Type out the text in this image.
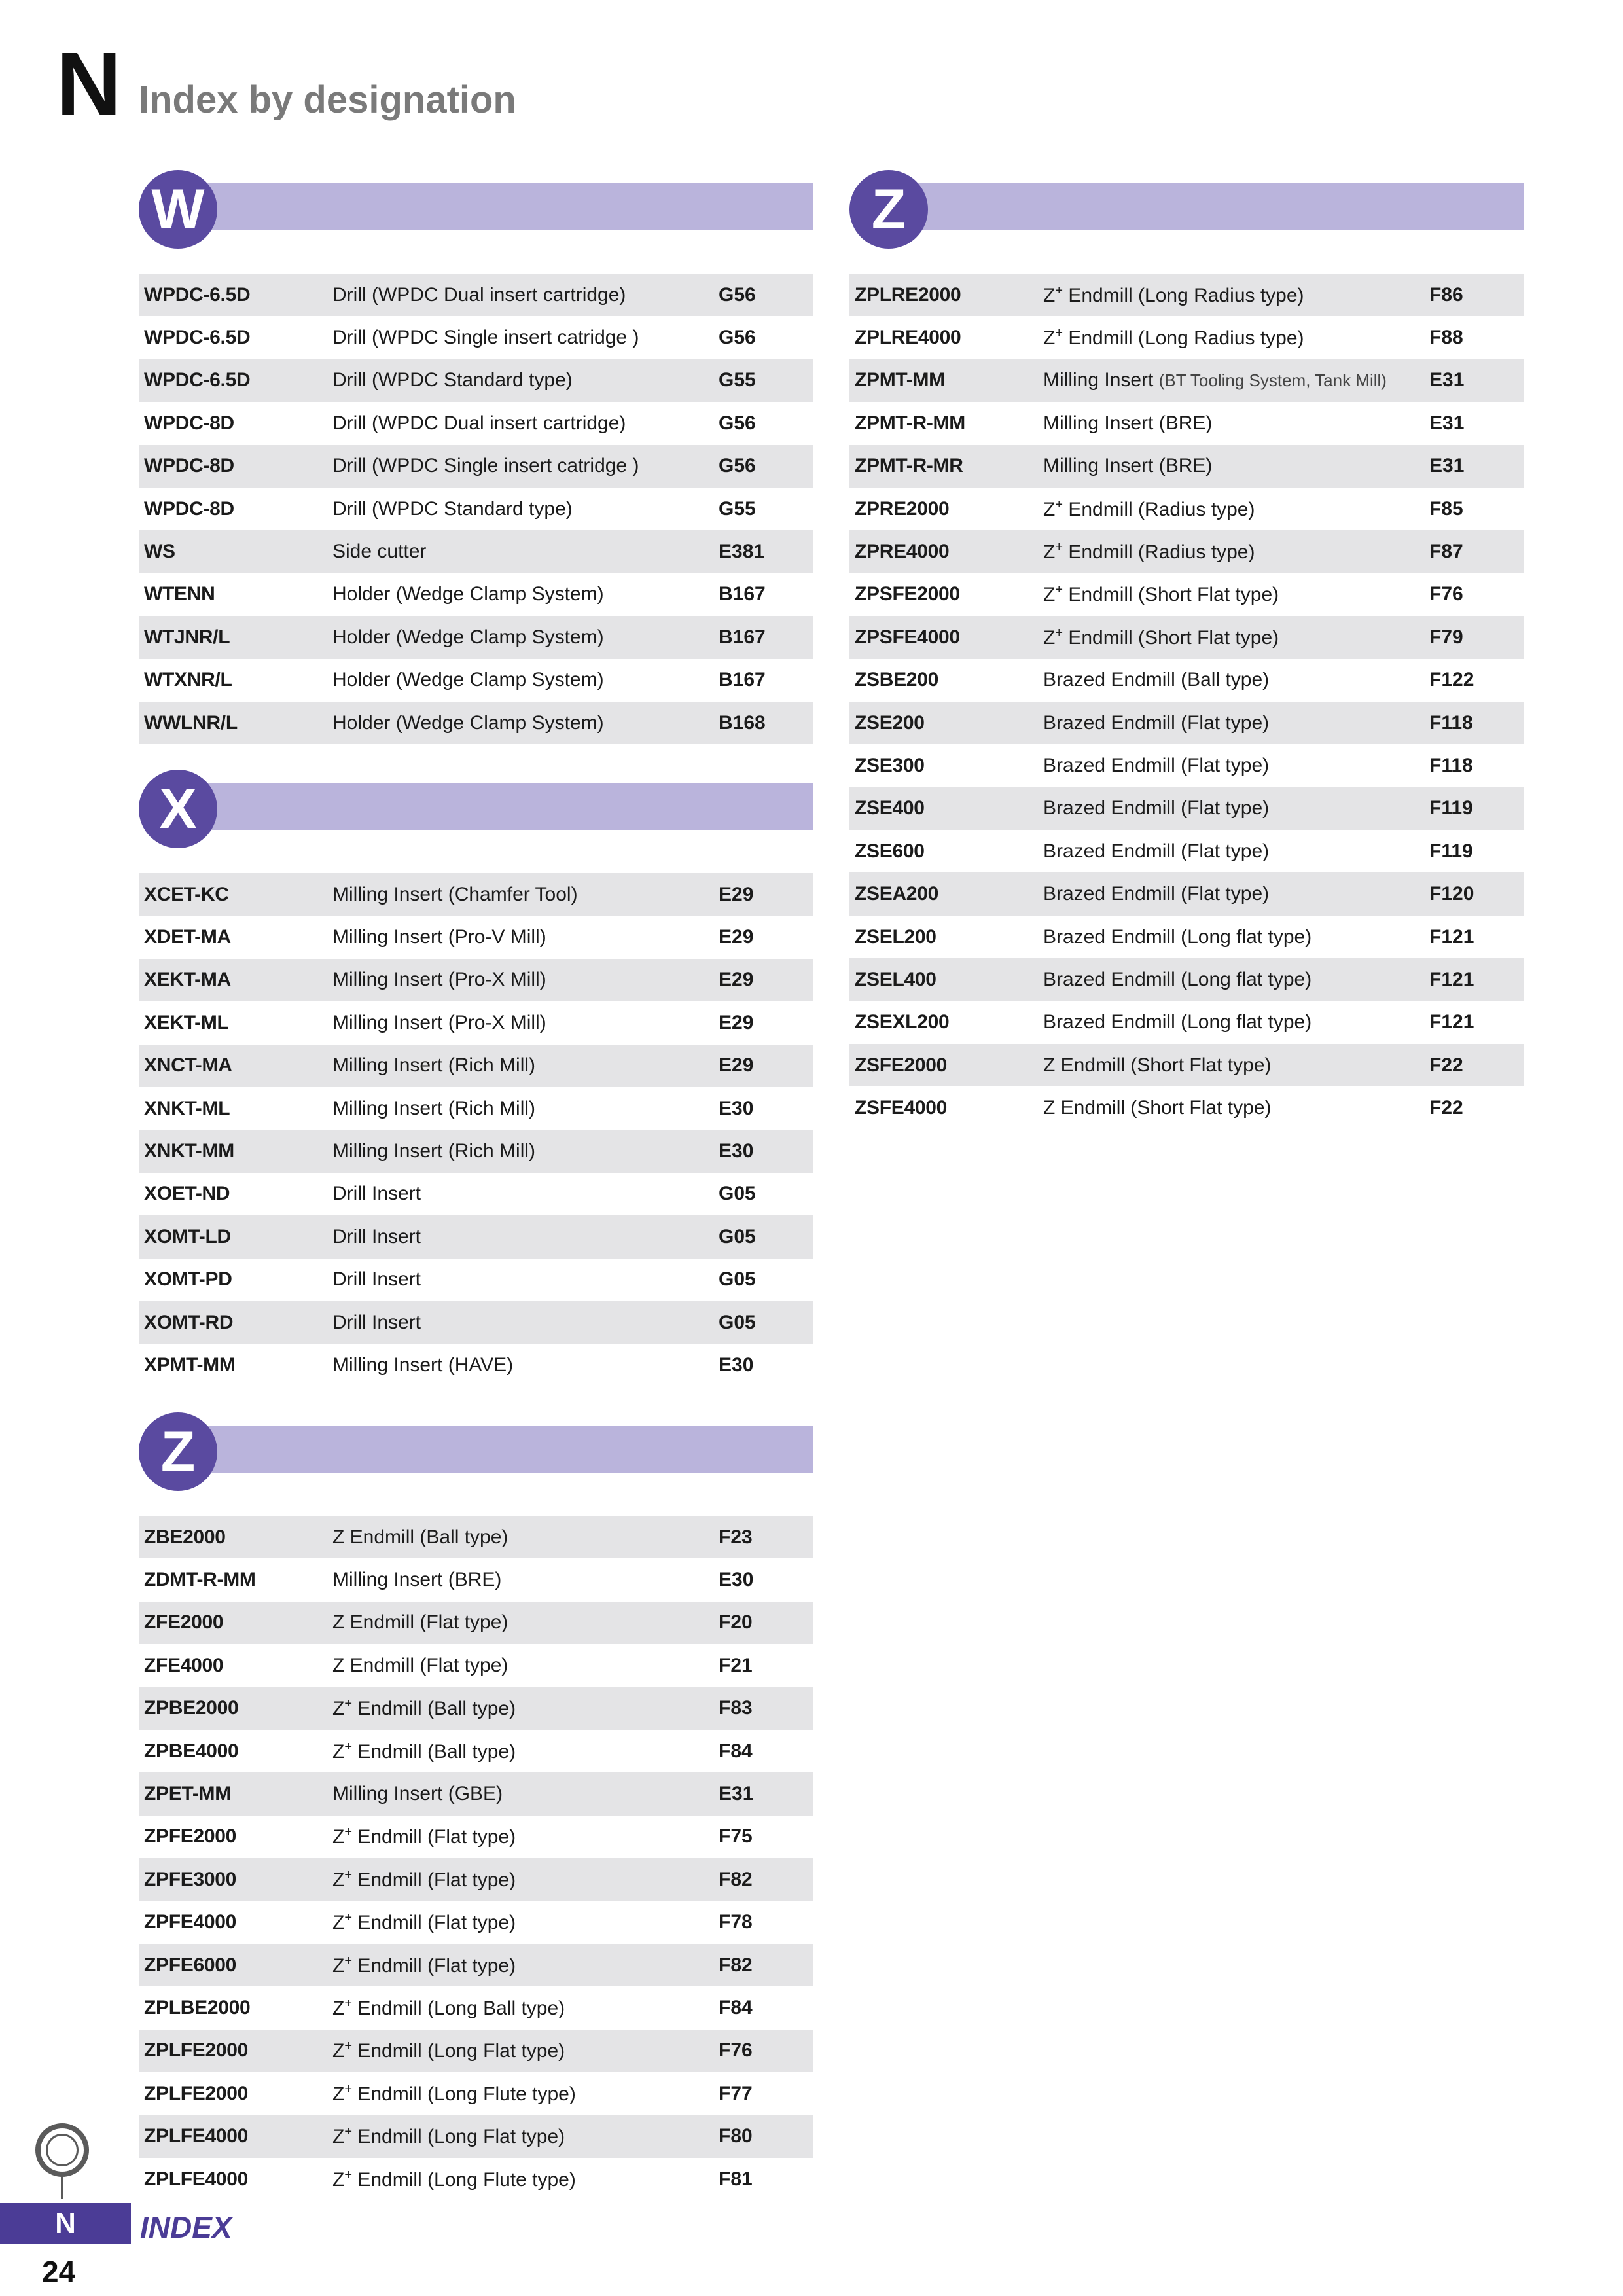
N Index by designation
W
WPDC-6.5D	Drill (WPDC Dual insert cartridge)	G56
WPDC-6.5D	Drill (WPDC Single insert catridge )	G56
WPDC-6.5D	Drill (WPDC Standard type)	G55
WPDC-8D	Drill (WPDC Dual insert cartridge)	G56
WPDC-8D	Drill (WPDC Single insert catridge )	G56
WPDC-8D	Drill (WPDC Standard type)	G55
WS	Side cutter	E381
WTENN	Holder (Wedge Clamp System)	B167
WTJNR/L	Holder (Wedge Clamp System)	B167
WTXNR/L	Holder (Wedge Clamp System)	B167
WWLNR/L	Holder (Wedge Clamp System)	B168
X
XCET-KC	Milling Insert (Chamfer Tool)	E29
XDET-MA	Milling Insert (Pro-V Mill)	E29
XEKT-MA	Milling Insert (Pro-X Mill)	E29
XEKT-ML	Milling Insert (Pro-X Mill)	E29
XNCT-MA	Milling Insert (Rich Mill)	E29
XNKT-ML	Milling Insert (Rich Mill)	E30
XNKT-MM	Milling Insert (Rich Mill)	E30
XOET-ND	Drill Insert	G05
XOMT-LD	Drill Insert	G05
XOMT-PD	Drill Insert	G05
XOMT-RD	Drill Insert	G05
XPMT-MM	Milling Insert (HAVE)	E30
Z
ZBE2000	Z Endmill (Ball type)	F23
ZDMT-R-MM	Milling Insert (BRE)	E30
ZFE2000	Z Endmill (Flat type)	F20
ZFE4000	Z Endmill (Flat type)	F21
ZPBE2000	Z+ Endmill (Ball type)	F83
ZPBE4000	Z+ Endmill (Ball type)	F84
ZPET-MM	Milling Insert (GBE)	E31
ZPFE2000	Z+ Endmill (Flat type)	F75
ZPFE3000	Z+ Endmill (Flat type)	F82
ZPFE4000	Z+ Endmill (Flat type)	F78
ZPFE6000	Z+ Endmill (Flat type)	F82
ZPLBE2000	Z+ Endmill (Long Ball type)	F84
ZPLFE2000	Z+ Endmill (Long Flat type)	F76
ZPLFE2000	Z+ Endmill (Long Flute type)	F77
ZPLFE4000	Z+ Endmill (Long Flat type)	F80
ZPLFE4000	Z+ Endmill (Long Flute type)	F81
Z
ZPLRE2000	Z+ Endmill (Long Radius type)	F86
ZPLRE4000	Z+ Endmill (Long Radius type)	F88
ZPMT-MM	Milling Insert (BT Tooling System, Tank Mill)	E31
ZPMT-R-MM	Milling Insert (BRE)	E31
ZPMT-R-MR	Milling Insert (BRE)	E31
ZPRE2000	Z+ Endmill (Radius type)	F85
ZPRE4000	Z+ Endmill (Radius type)	F87
ZPSFE2000	Z+ Endmill (Short Flat type)	F76
ZPSFE4000	Z+ Endmill (Short Flat type)	F79
ZSBE200	Brazed Endmill (Ball type)	F122
ZSE200	Brazed Endmill (Flat type)	F118
ZSE300	Brazed Endmill (Flat type)	F118
ZSE400	Brazed Endmill (Flat type)	F119
ZSE600	Brazed Endmill (Flat type)	F119
ZSEA200	Brazed Endmill (Flat type)	F120
ZSEL200	Brazed Endmill (Long flat type)	F121
ZSEL400	Brazed Endmill (Long flat type)	F121
ZSEXL200	Brazed Endmill (Long flat type)	F121
ZSFE2000	Z Endmill (Short Flat type)	F22
ZSFE4000	Z Endmill (Short Flat type)	F22
N	INDEX
24
